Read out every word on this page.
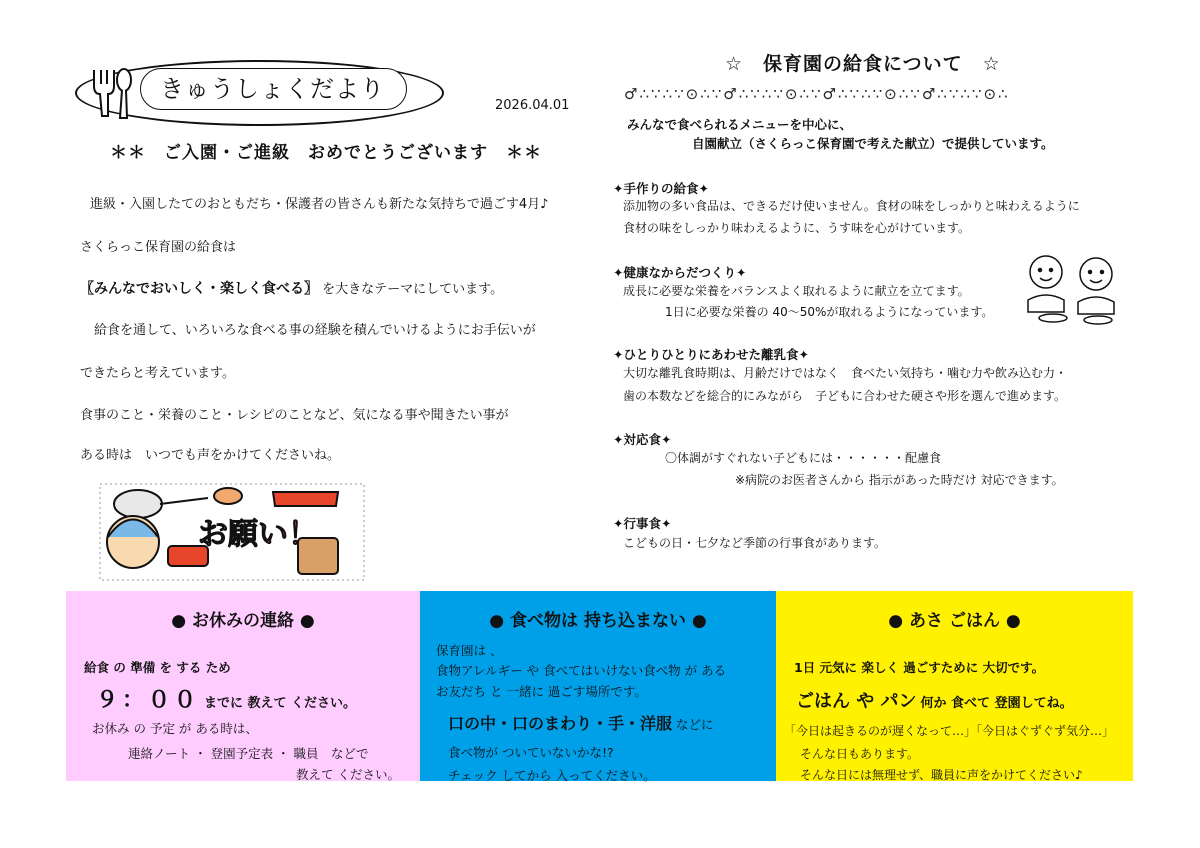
きゅうしょくだより
2026.04.01
＊＊　ご入園・ご進級　おめでとうございます　＊＊
進級・入園したてのおともだち・保護者の皆さんも新たな気持ちで過ごす4月♪
さくらっこ保育園の給食は
〖みんなでおいしく・楽しく食べる〗 を大きなテーマにしています。
給食を通して、いろいろな食べる事の経験を積んでいけるようにお手伝いが
できたらと考えています。
食事のこと・栄養のこと・レシピのことなど、気になる事や聞きたい事が
ある時は　いつでも声をかけてくださいね。
お願い！
☆　保育園の給食について　☆
♂∴∵∴∵⊙∴∵♂∴∵∴∵⊙∴∵♂∴∵∴∵⊙∴∵♂∴∵∴∵⊙∴
みんなで食べられるメニューを中心に、
自園献立（さくらっこ保育園で考えた献立）で提供しています。
✦手作りの給食✦
添加物の多い食品は、できるだけ使いません。食材の味をしっかりと味わえるように
食材の味をしっかり味わえるように、うす味を心がけています。
✦健康なからだつくり✦
成長に必要な栄養をバランスよく取れるように献立を立てます。
1日に必要な栄養の 40～50%が取れるようになっています。
✦ひとりひとりにあわせた離乳食✦
大切な離乳食時期は、月齢だけではなく　食べたい気持ち・噛む力や飲み込む力・
歯の本数などを総合的にみながら　子どもに合わせた硬さや形を選んで進めます。
✦対応食✦
〇体調がすぐれない子どもには・・・・・・配慮食
※病院のお医者さんから 指示があった時だけ 対応できます。
✦行事食✦
こどもの日・七夕など季節の行事食があります。
● お休みの連絡 ●
給食 の 準備 を する ため
９：００ までに 教えて ください。
お休み の 予定 が ある時は、
連絡ノート ・ 登園予定表 ・ 職員　などで
教えて ください。
● 食べ物は 持ち込まない ●
保育園は 、
食物アレルギー や 食べてはいけない食べ物 が ある
お友だち と 一緒に 過ごす場所です。
口の中・口のまわり・手・洋服 などに
食べ物が ついていないかな!?
チェック してから 入ってください。
● あさ ごはん ●
1日 元気に 楽しく 過ごすために 大切です。
ごはん や パン 何か 食べて 登園してね。
「今日は起きるのが遅くなって…」「今日はぐずぐず気分…」
そんな日もあります。
そんな日には無理せず、職員に声をかけてください♪
